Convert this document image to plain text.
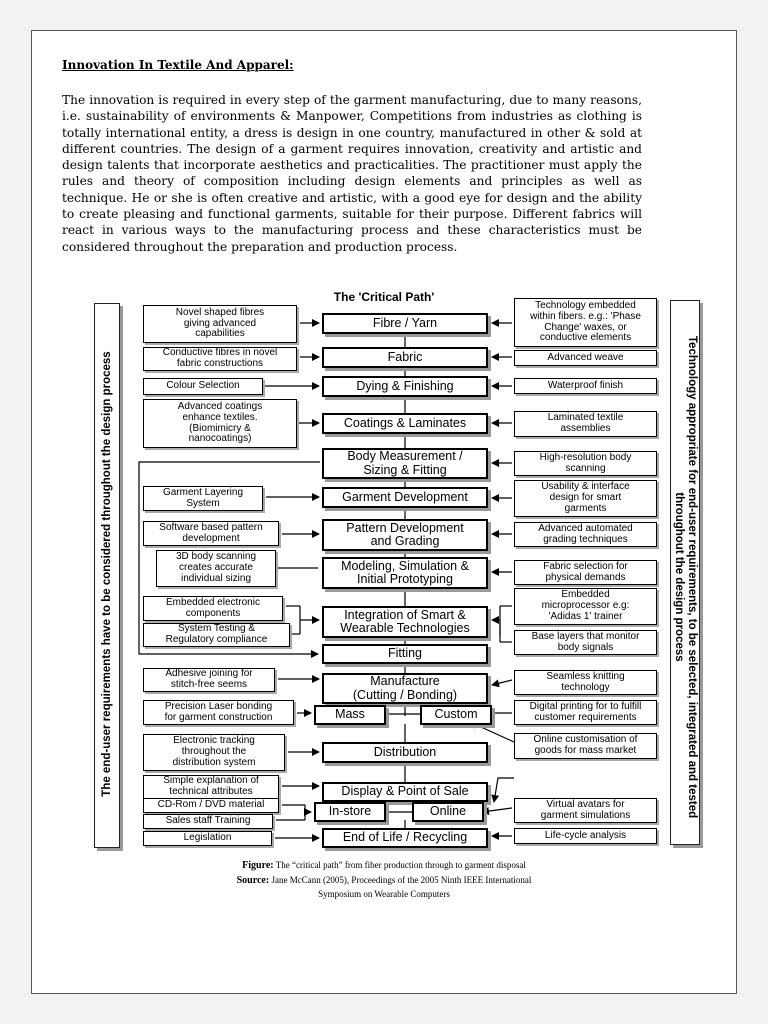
Innovation In Textile And Apparel:
The innovation is required in every step of the garment manufacturing, due to many reasons, i.e. sustainability of environments & Manpower, Competitions from industries as clothing is totally international entity, a dress is design in one country, manufactured in other & sold at different countries. The design of a garment requires innovation, creativity and artistic and design talents that incorporate aesthetics and practicalities. The practitioner must apply the rules and theory of composition including design elements and principles as well as technique. He or she is often creative and artistic, with a good eye for design and the ability to create pleasing and functional garments, suitable for their purpose. Different fabrics will react in various ways to the manufacturing process and these characteristics must be considered throughout the preparation and production process.
The 'Critical Path'
The end-user requirements have to be considered throughout the design process	Technology appropriate for end-user requirements, to be selected, integrated and tested
throughout the design process
Fibre / Yarn
Fabric
Dying & Finishing
Coatings & Laminates
Body Measurement /
Sizing & Fitting
Garment Development
Pattern Development
and Grading
Modeling, Simulation &
Initial Prototyping
Integration of Smart &
Wearable Technologies
Fitting
Manufacture
(Cutting / Bonding)
Mass	Custom
Distribution
Display & Point of Sale
In-store	Online
End of Life / Recycling
Novel shaped fibres
giving advanced
capabilities
Conductive fibres in novel
fabric constructions
Colour Selection
Advanced coatings
enhance textiles.
(Biomimicry &
nanocoatings)
Garment Layering
System
Software based pattern
development
3D body scanning
creates accurate
individual sizing
Embedded electronic
components
System Testing &
Regulatory compliance
Adhesive joining for
stitch-free seems
Precision Laser bonding
for garment construction
Electronic tracking
throughout the
distribution system
Simple explanation of
technical attributes
CD-Rom / DVD material
Sales staff Training
Legislation
Technology embedded
within fibers. e.g.: 'Phase
Change' waxes, or
conductive elements
Advanced weave
Waterproof finish
Laminated textile
assemblies
High-resolution body
scanning
Usability & interface
design for smart
garments
Advanced automated
grading techniques
Fabric selection for
physical demands
Embedded
microprocessor e.g:
'Adidas 1' trainer
Base layers that monitor
body signals
Seamless knitting
technology
Digital printing for to fulfill
customer requirements
Online customisation of
goods for mass market
Virtual avatars for
garment simulations
Life-cycle analysis
Figure: The “critical path” from fiber production through to garment disposal
Source: Jane McCann (2005), Proceedings of the 2005 Ninth IEEE International
Symposium on Wearable Computers
